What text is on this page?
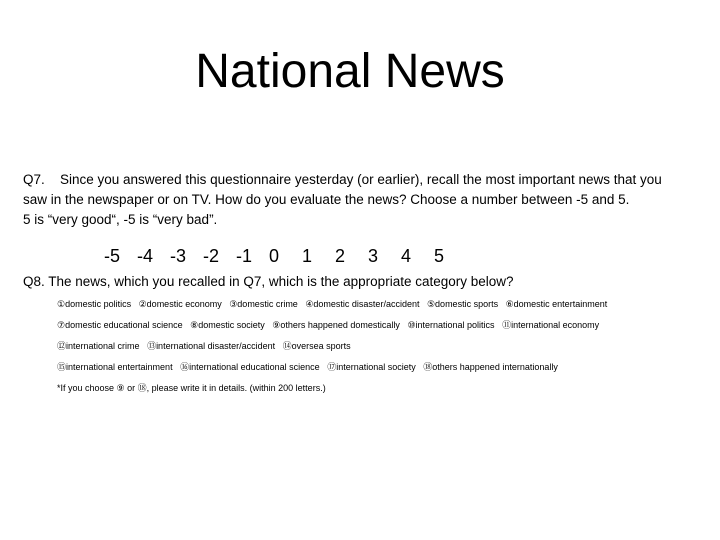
National News
Q7. Since you answered this questionnaire yesterday (or earlier), recall the most important news that you
saw in the newspaper or on TV. How do you evaluate the news? Choose a number between -5 and 5.
5 is “very good“, -5 is “very bad”.
-5 -4 -3 -2 -1 0	1	2	3	4	5
Q8. The news, which you recalled in Q7, which is the appropriate category below?
①domestic politics ②domestic economy ③domestic crime ④domestic disaster/accident ⑤domestic sports ⑥domestic entertainment
⑦domestic educational science ⑧domestic society ⑨others happened domestically ⑩international politics ⑪international economy
⑫international crime ⑬international disaster/accident ⑭oversea sports
⑮international entertainment ⑯international educational science ⑰international society ⑱others happened internationally
*If you choose ⑨ or ⑱, please write it in details. (within 200 letters.)
